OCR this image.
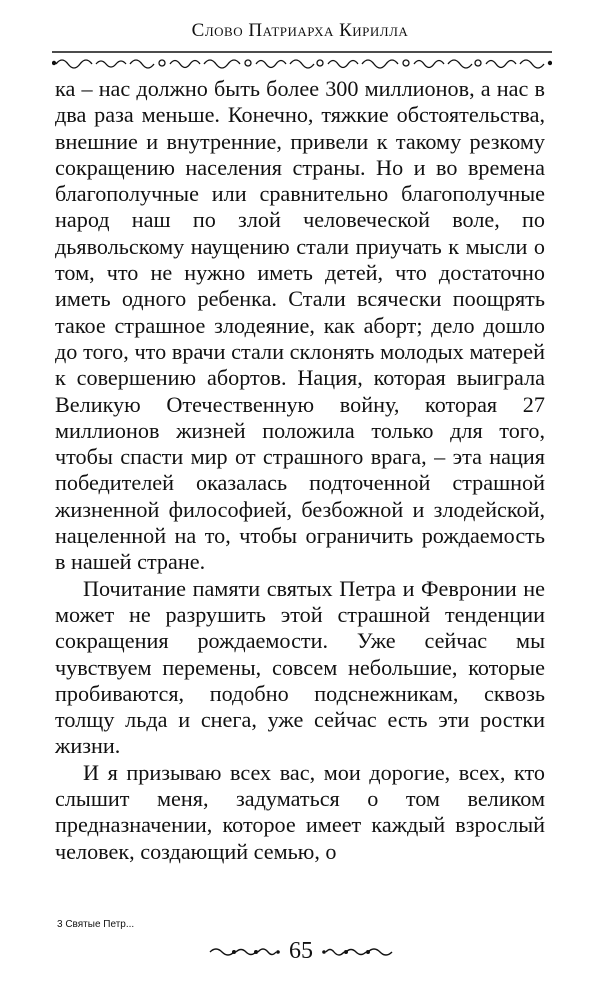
Слово Патриарха Кирилла

ка – нас должно быть более 300 миллионов, а нас в два раза меньше. Конечно, тяжкие обстоятельства, внешние и внутренние, привели к такому резкому сокращению населения страны. Но и во времена благополучные или сравнительно благополучные народ наш по злой человеческой воле, по дьявольскому наущению стали приучать к мысли о том, что не нужно иметь детей, что достаточно иметь одного ребенка. Стали всячески поощрять такое страшное злодеяние, как аборт; дело дошло до того, что врачи стали склонять молодых матерей к совершению абортов. Нация, которая выиграла Великую Отечественную войну, которая 27 миллионов жизней положила только для того, чтобы спасти мир от страшного врага, – эта нация победителей оказалась подточенной страшной жизненной философией, безбожной и злодейской, нацеленной на то, чтобы ограничить рождаемость в нашей стране.

Почитание памяти святых Петра и Февронии не может не разрушить этой страшной тенденции сокращения рождаемости. Уже сейчас мы чувствуем перемены, совсем небольшие, которые пробиваются, подобно подснежникам, сквозь толщу льда и снега, уже сейчас есть эти ростки жизни.

И я призываю всех вас, мои дорогие, всех, кто слышит меня, задуматься о том великом предназначении, которое имеет каждый взрослый человек, создающий семью, о

3 Святые Петр...
65
